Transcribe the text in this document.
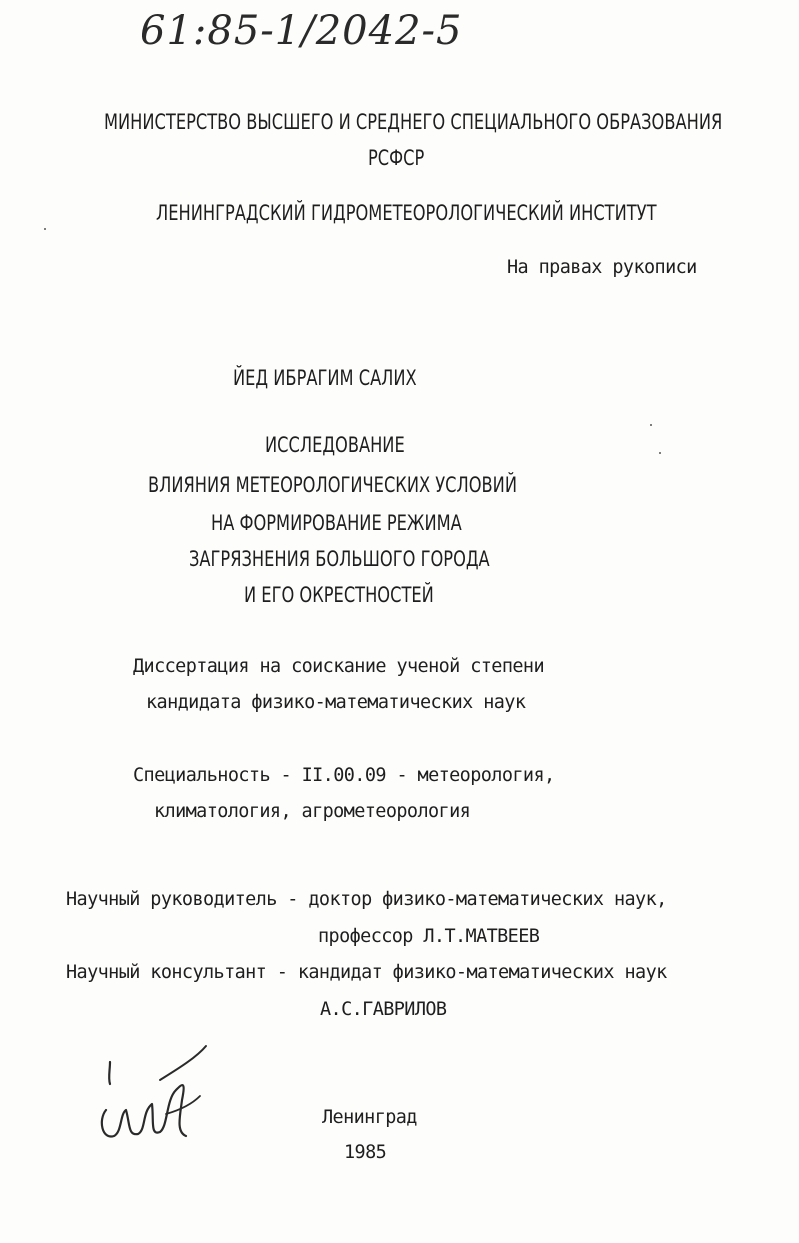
61:85-1/2042-5
МИНИСТЕРСТВО ВЫСШЕГО И СРЕДНЕГО СПЕЦИАЛЬНОГО ОБРАЗОВАНИЯ
РСФСР
ЛЕНИНГРАДСКИЙ ГИДРОМЕТЕОРОЛОГИЧЕСКИЙ ИНСТИТУТ
На правах рукописи
ЙЕД ИБРАГИМ САЛИХ
ИССЛЕДОВАНИЕ
ВЛИЯНИЯ МЕТЕОРОЛОГИЧЕСКИХ УСЛОВИЙ
НА ФОРМИРОВАНИЕ РЕЖИМА
ЗАГРЯЗНЕНИЯ БОЛЬШОГО ГОРОДА
И ЕГО ОКРЕСТНОСТЕЙ
Диссертация на соискание ученой степени
кандидата физико-математических наук
Специальность - II.00.09 - метеорология,
климатология, агрометеорология
Научный руководитель - доктор физико-математических наук,
профессор Л.Т.МАТВЕЕВ
Научный консультант - кандидат физико-математических наук
А.С.ГАВРИЛОВ
Ленинград
1985
